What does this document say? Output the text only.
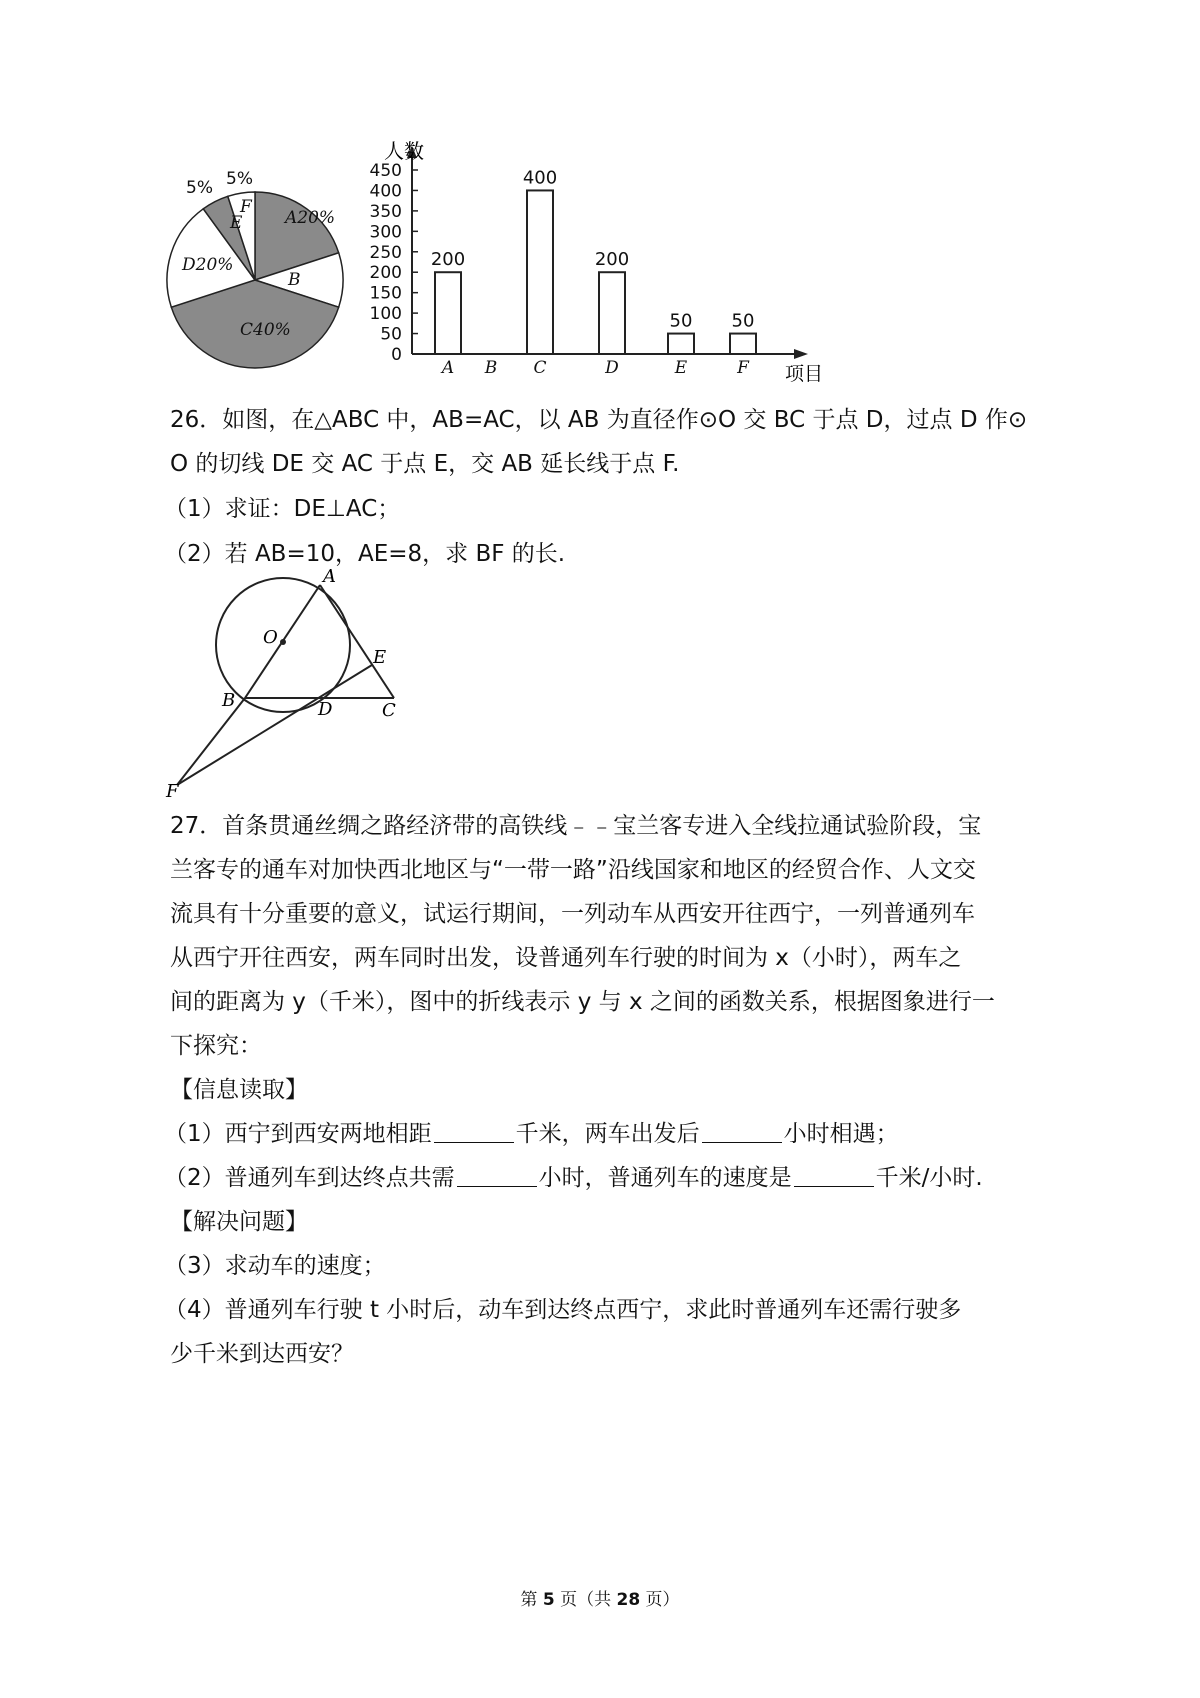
A20%
B
C40%
D20%
E
F
5% 5%
0
50
100
150
200
250
300
350
400
450
200
A B
400
C
200
D
50
E
50
F
人数
项目
26．如图，在△ABC 中，AB=AC，以 AB 为直径作⊙O 交 BC 于点 D，过点 D 作⊙
O 的切线 DE 交 AC 于点 E，交 AB 延长线于点 F.
（1）求证：DE⊥AC；
（2）若 AB=10，AE=8，求 BF 的长.
A
O
E
B	D	C
F
27．首条贯通丝绸之路经济带的高铁线﹣﹣宝兰客专进入全线拉通试验阶段，宝
兰客专的通车对加快西北地区与“一带一路”沿线国家和地区的经贸合作、人文交
流具有十分重要的意义，试运行期间，一列动车从西安开往西宁，一列普通列车
从西宁开往西安，两车同时出发，设普通列车行驶的时间为 x（小时），两车之
间的距离为 y（千米），图中的折线表示 y 与 x 之间的函数关系，根据图象进行一
下探究：
【信息读取】
（1）西宁到西安两地相距	千米，两车出发后	小时相遇；
（2）普通列车到达终点共需	小时，普通列车的速度是	千米/小时.
【解决问题】
（3）求动车的速度；
（4）普通列车行驶 t 小时后，动车到达终点西宁，求此时普通列车还需行驶多
少千米到达西安？
第 5 页（共 28 页）
